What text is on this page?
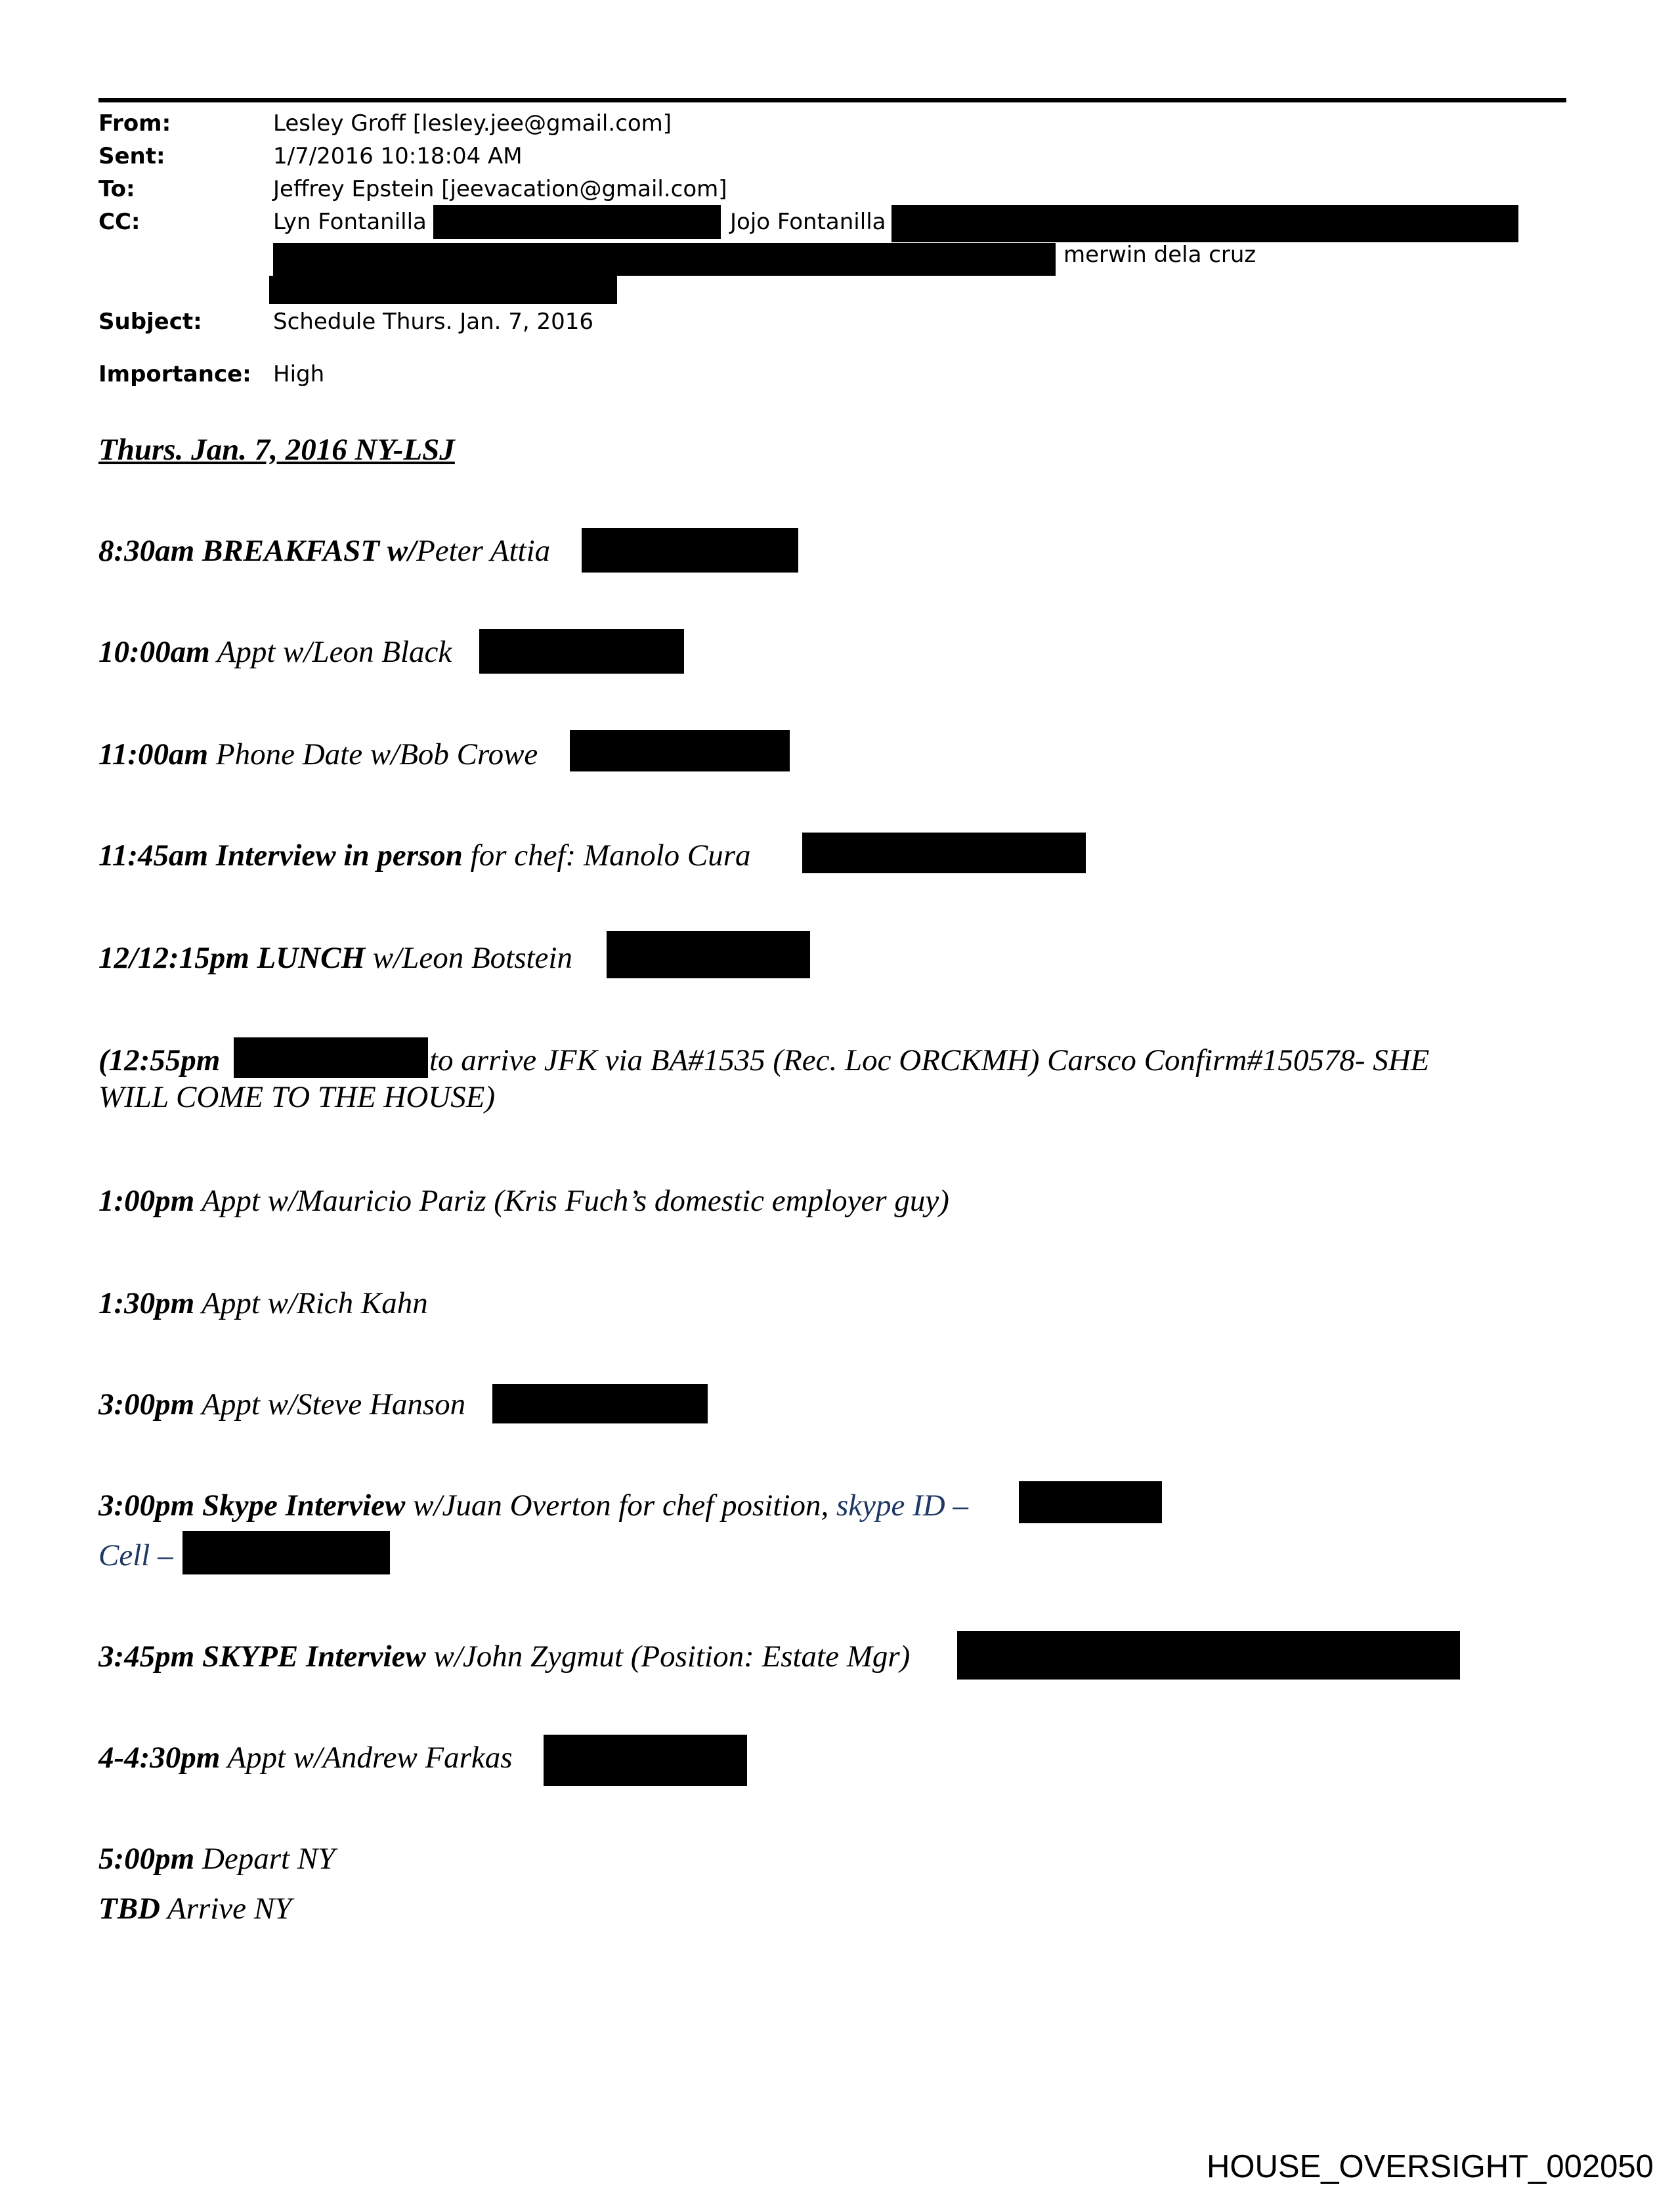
From:	Lesley Groff [lesley.jee@gmail.com]
Sent:	1/7/2016 10:18:04 AM
To:	Jeffrey Epstein [jeevacation@gmail.com]
CC:	Lyn Fontanilla	Jojo Fontanilla
merwin dela cruz
Subject:	Schedule Thurs. Jan. 7, 2016
Importance: High
Thurs. Jan. 7, 2016 NY-LSJ
8:30am BREAKFAST w/Peter Attia
10:00am Appt w/Leon Black
11:00am Phone Date w/Bob Crowe
11:45am Interview in person for chef: Manolo Cura
12/12:15pm LUNCH w/Leon Botstein
(12:55pm	to arrive JFK via BA#1535 (Rec. Loc ORCKMH) Carsco Confirm#150578- SHE
WILL COME TO THE HOUSE)
1:00pm Appt w/Mauricio Pariz (Kris Fuch’s domestic employer guy)
1:30pm Appt w/Rich Kahn
3:00pm Appt w/Steve Hanson
3:00pm Skype Interview w/Juan Overton for chef position, skype ID –
Cell –
3:45pm SKYPE Interview w/John Zygmut (Position: Estate Mgr)
4-4:30pm Appt w/Andrew Farkas
5:00pm Depart NY
TBD Arrive NY
HOUSE_OVERSIGHT_002050
